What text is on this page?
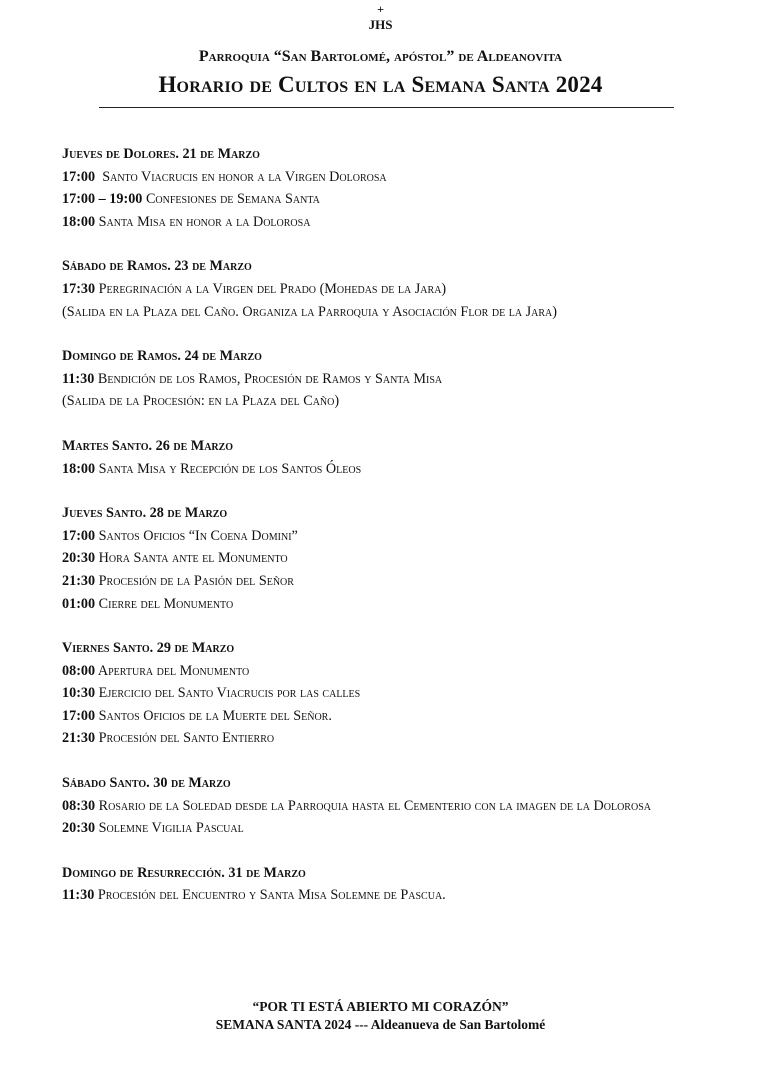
+
JHS
Parroquia “San Bartolomé, apóstol” de Aldeanovita
Horario de Cultos en la Semana Santa 2024
Jueves de Dolores. 21 de Marzo
17:00  Santo Viacrucis en honor a la Virgen Dolorosa
17:00 – 19:00 Confesiones de Semana Santa
18:00 Santa Misa en honor a la Dolorosa
Sábado de Ramos. 23 de Marzo
17:30 Peregrinación a la Virgen del Prado (Mohedas de la Jara)
(Salida en la Plaza del Caño. Organiza la Parroquia y Asociación Flor de la Jara)
Domingo de Ramos. 24 de Marzo
11:30 Bendición de los Ramos, Procesión de Ramos y Santa Misa
(Salida de la Procesión: en la Plaza del Caño)
Martes Santo. 26 de Marzo
18:00 Santa Misa y Recepción de los Santos Óleos
Jueves Santo. 28 de Marzo
17:00 Santos Oficios “In Coena Domini”
20:30 Hora Santa ante el Monumento
21:30 Procesión de la Pasión del Señor
01:00 Cierre del Monumento
Viernes Santo. 29 de Marzo
08:00 Apertura del Monumento
10:30 Ejercicio del Santo Viacrucis por las calles
17:00 Santos Oficios de la Muerte del Señor.
21:30 Procesión del Santo Entierro
Sábado Santo. 30 de Marzo
08:30 Rosario de la Soledad desde la Parroquia hasta el Cementerio con la imagen de la Dolorosa
20:30 Solemne Vigilia Pascual
Domingo de Resurrección. 31 de Marzo
11:30 Procesión del Encuentro y Santa Misa Solemne de Pascua.
“POR TI ESTÁ ABIERTO MI CORAZÓN”
SEMANA SANTA 2024 --- Aldeanueva de San Bartolomé
